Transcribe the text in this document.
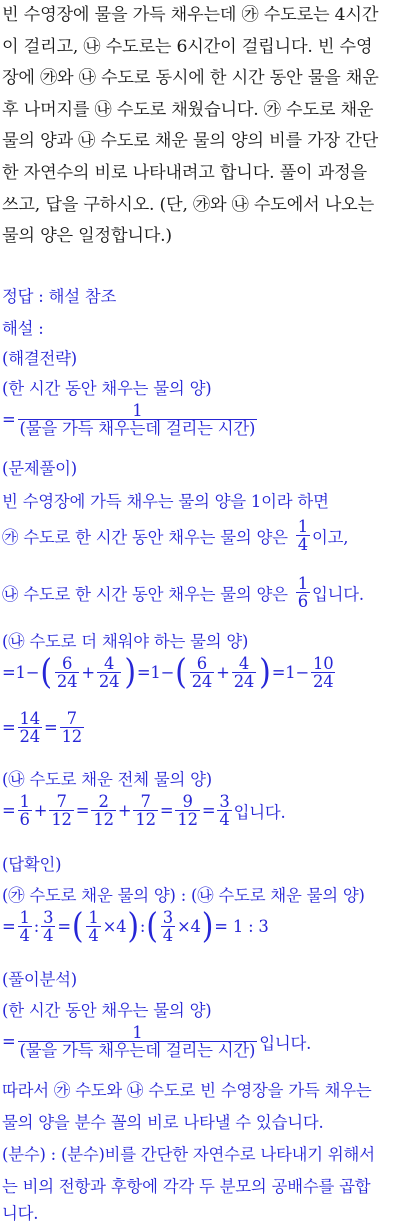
빈 수영장에 물을 가득 채우는데 ㉮ 수도로는 4시간

이 걸리고, ㉯ 수도로는 6시간이 걸립니다. 빈 수영

장에 ㉮와 ㉯ 수도로 동시에 한 시간 동안 물을 채운

후 나머지를 ㉯ 수도로 채웠습니다. ㉮ 수도로 채운

물의 양과 ㉯ 수도로 채운 물의 양의 비를 가장 간단

한 자연수의 비로 나타내려고 합니다. 풀이 과정을

쓰고, 답을 구하시오. (단, ㉮와 ㉯ 수도에서 나오는

물의 양은 일정합니다.)

정답 : 해설 참조
해설 :
(해결전략)
(한 시간 동안 채우는 물의 양)
= $\frac{1}{\text{(물을 가득 채우는데 걸리는 시간)}}$
(문제풀이)
빈 수영장에 가득 채우는 물의 양을 1이라 하면
㉮ 수도로 한 시간 동안 채우는 물의 양은 $\frac{1}{4}$ 이고,
㉯ 수도로 한 시간 동안 채우는 물의 양은 $\frac{1}{6}$ 입니다.
(㉯ 수도로 더 채워야 하는 물의 양)
= 1 − ( $\frac{6}{24} + \frac{4}{24}$ ) = 1 − ( $\frac{6}{24} + \frac{4}{24}$ ) = $1 - \frac{10}{24}$
= $\frac{14}{24} = \frac{7}{12}$
(㉯ 수도로 채운 전체 물의 양)
= $\frac{1}{6} + \frac{7}{12} = \frac{2}{12} + \frac{7}{12} = \frac{9}{12} = \frac{3}{4}$ 입니다.
(답확인)
(㉮ 수도로 채운 물의 양) : (㉯ 수도로 채운 물의 양)
= $\frac{1}{4}$ : $\frac{3}{4}$ = ( $\frac{1}{4} \times 4$ ) : ( $\frac{3}{4} \times 4$ ) = 1 : 3
(풀이분석)
(한 시간 동안 채우는 물의 양)
= $\frac{1}{\text{(물을 가득 채우는데 걸리는 시간)}}$ 입니다.
따라서 ㉮ 수도와 ㉯ 수도로 빈 수영장을 가득 채우는
물의 양을 분수 꼴의 비로 나타낼 수 있습니다.
(분수) : (분수)비를 간단한 자연수로 나타내기 위해서
는 비의 전항과 후항에 각각 두 분모의 공배수를 곱합
니다.
